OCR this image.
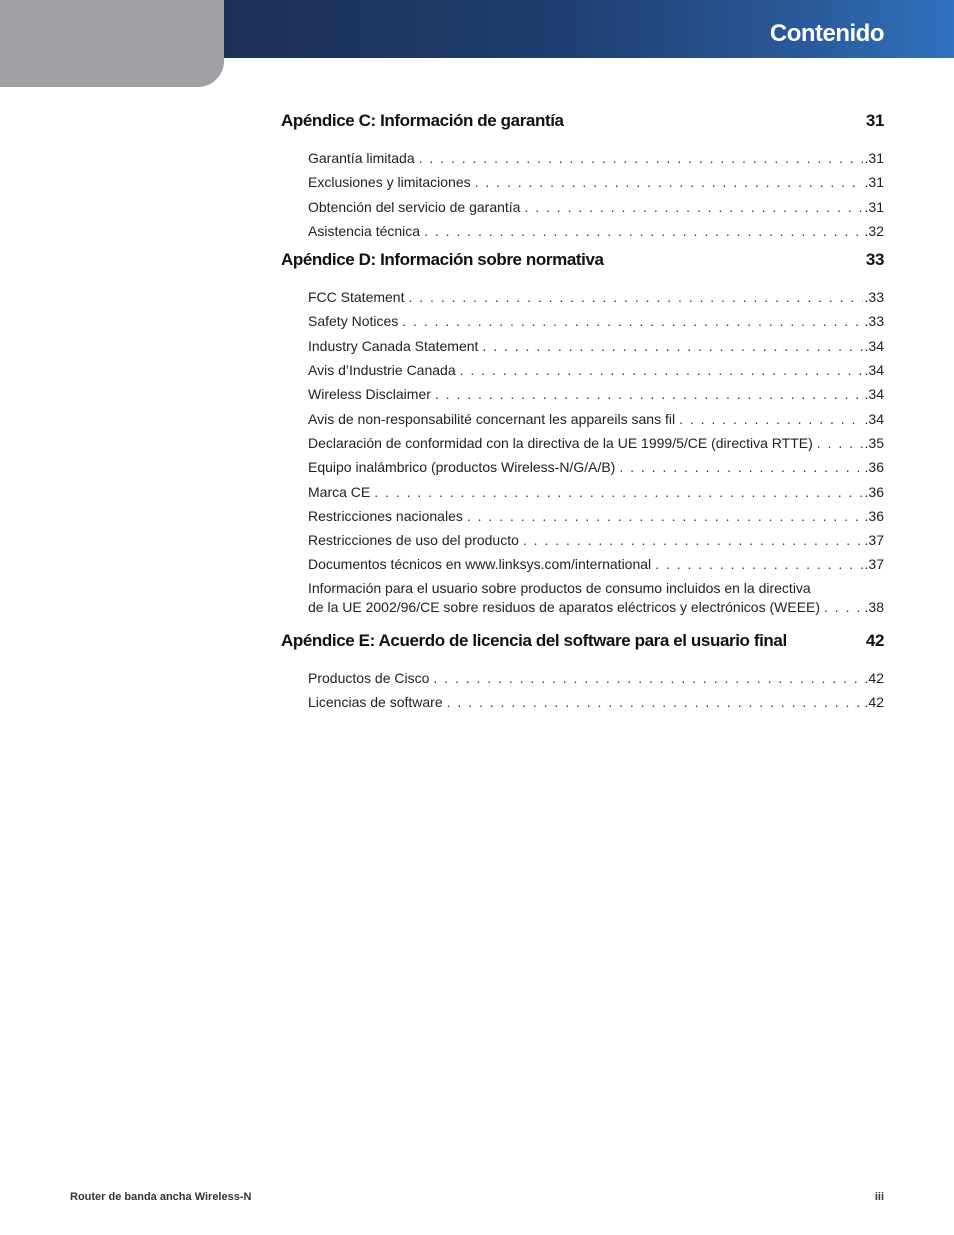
Contenido
Apéndice C: Información de garantía	31
Garantía limitada . . .	.31
Exclusiones y limitaciones . . .	.31
Obtención del servicio de garantía . . .	.31
Asistencia técnica . . .	.32
Apéndice D: Información sobre normativa	33
FCC Statement . . .	.33
Safety Notices . . .	.33
Industry Canada Statement . . .	.34
Avis d’Industrie Canada . . .	.34
Wireless Disclaimer . . .	.34
Avis de non-responsabilité concernant les appareils sans fil . . .	.34
Declaración de conformidad con la directiva de la UE 1999/5/CE (directiva RTTE) . . .	.35
Equipo inalámbrico (productos Wireless-N/G/A/B) . . .	.36
Marca CE . . .	.36
Restricciones nacionales . . .	.36
Restricciones de uso del producto . . .	.37
Documentos técnicos en www.linksys.com/international . . .	.37
Información para el usuario sobre productos de consumo incluidos en la directiva
de la UE 2002/96/CE sobre residuos de aparatos eléctricos y electrónicos (WEEE) . . .	.38
Apéndice E: Acuerdo de licencia del software para el usuario final	42
Productos de Cisco . . .	.42
Licencias de software . . .	.42
Router de banda ancha Wireless-N	iii
